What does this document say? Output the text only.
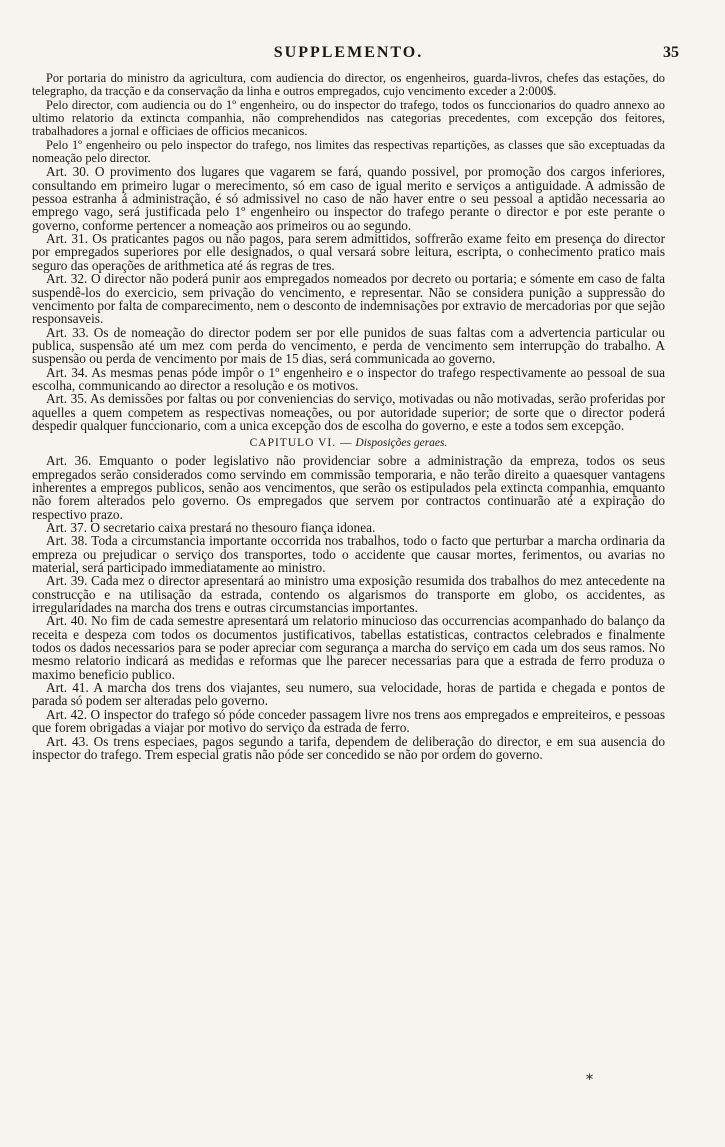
SUPPLEMENTO.	35

Por portaria do ministro da agricultura, com audiencia do director, os engenheiros, guarda-livros, chefes das estações, do telegrapho, da tracção e da conservação da linha e outros empregados, cujo vencimento exceder a 2:000$.

Pelo director, com audiencia ou do 1º engenheiro, ou do inspector do trafego, todos os funccionarios do quadro annexo ao ultimo relatorio da extincta companhia, não comprehendidos nas categorias precedentes, com excepção dos feitores, trabalhadores a jornal e officiaes de officios mecanicos.

Pelo 1º engenheiro ou pelo inspector do trafego, nos limites das respectivas repartições, as classes que são exceptuadas da nomeação pelo director.

Art. 30. O provimento dos lugares que vagarem se fará, quando possivel, por promoção dos cargos inferiores, consultando em primeiro lugar o merecimento, só em caso de igual merito e serviços a antiguidade. A admissão de pessoa estranha á administração, é só admissivel no caso de não haver entre o seu pessoal a aptidão necessaria ao emprego vago, será justificada pelo 1º engenheiro ou inspector do trafego perante o director e por este perante o governo, conforme pertencer a nomeação aos primeiros ou ao segundo.

Art. 31. Os praticantes pagos ou não pagos, para serem admittidos, soffrerão exame feito em presença do director por empregados superiores por elle designados, o qual versará sobre leitura, escripta, o conhecimento pratico mais seguro das operações de arithmetica até ás regras de tres.

Art. 32. O director não poderá punir aos empregados nomeados por decreto ou portaria; e sómente em caso de falta suspendê-los do exercicio, sem privação do vencimento, e representar. Não se considera punição a suppressão do vencimento por falta de comparecimento, nem o desconto de indemnisações por extravio de mercadorias por que sejão responsaveis.

Art. 33. Os de nomeação do director podem ser por elle punidos de suas faltas com a advertencia particular ou publica, suspensão até um mez com perda do vencimento, e perda de vencimento sem interrupção do trabalho. A suspensão ou perda de vencimento por mais de 15 dias, será communicada ao governo.

Art. 34. As mesmas penas póde impôr o 1º engenheiro e o inspector do trafego respectivamente ao pessoal de sua escolha, communicando ao director a resolução e os motivos.

Art. 35. As demissões por faltas ou por conveniencias do serviço, motivadas ou não motivadas, serão proferidas por aquelles a quem competem as respectivas nomeações, ou por autoridade superior; de sorte que o director poderá despedir qualquer funccionario, com a unica excepção dos de escolha do governo, e este a todos sem excepção.

CAPITULO VI. — Disposições geraes.

Art. 36. Emquanto o poder legislativo não providenciar sobre a administração da empreza, todos os seus empregados serão considerados como servindo em commissão temporaria, e não terão direito a quaesquer vantagens inherentes a empregos publicos, senão aos vencimentos, que serão os estipulados pela extincta companhia, emquanto não forem alterados pelo governo. Os empregados que servem por contractos continuarão até a expiração do respectivo prazo.

Art. 37. O secretario caixa prestará no thesouro fiança idonea.

Art. 38. Toda a circumstancia importante occorrida nos trabalhos, todo o facto que perturbar a marcha ordinaria da empreza ou prejudicar o serviço dos transportes, todo o accidente que causar mortes, ferimentos, ou avarias no material, será participado immediatamente ao ministro.

Art. 39. Cada mez o director apresentará ao ministro uma exposição resumida dos trabalhos do mez antecedente na construcção e na utilisação da estrada, contendo os algarismos do transporte em globo, os accidentes, as irregularidades na marcha dos trens e outras circumstancias importantes.

Art. 40. No fim de cada semestre apresentará um relatorio minucioso das occurrencias acompanhado do balanço da receita e despeza com todos os documentos justificativos, tabellas estatisticas, contractos celebrados e finalmente todos os dados necessarios para se poder apreciar com segurança a marcha do serviço em cada um dos seus ramos. No mesmo relatorio indicará as medidas e reformas que lhe parecer necessarias para que a estrada de ferro produza o maximo beneficio publico.

Art. 41. A marcha dos trens dos viajantes, seu numero, sua velocidade, horas de partida e chegada e pontos de parada só podem ser alteradas pelo governo.

Art. 42. O inspector do trafego só póde conceder passagem livre nos trens aos empregados e empreiteiros, e pessoas que forem obrigadas a viajar por motivo do serviço da estrada de ferro.

Art. 43. Os trens especiaes, pagos segundo a tarifa, dependem de deliberação do director, e em sua ausencia do inspector do trafego. Trem especial gratis não póde ser concedido se não por ordem do governo.

*
